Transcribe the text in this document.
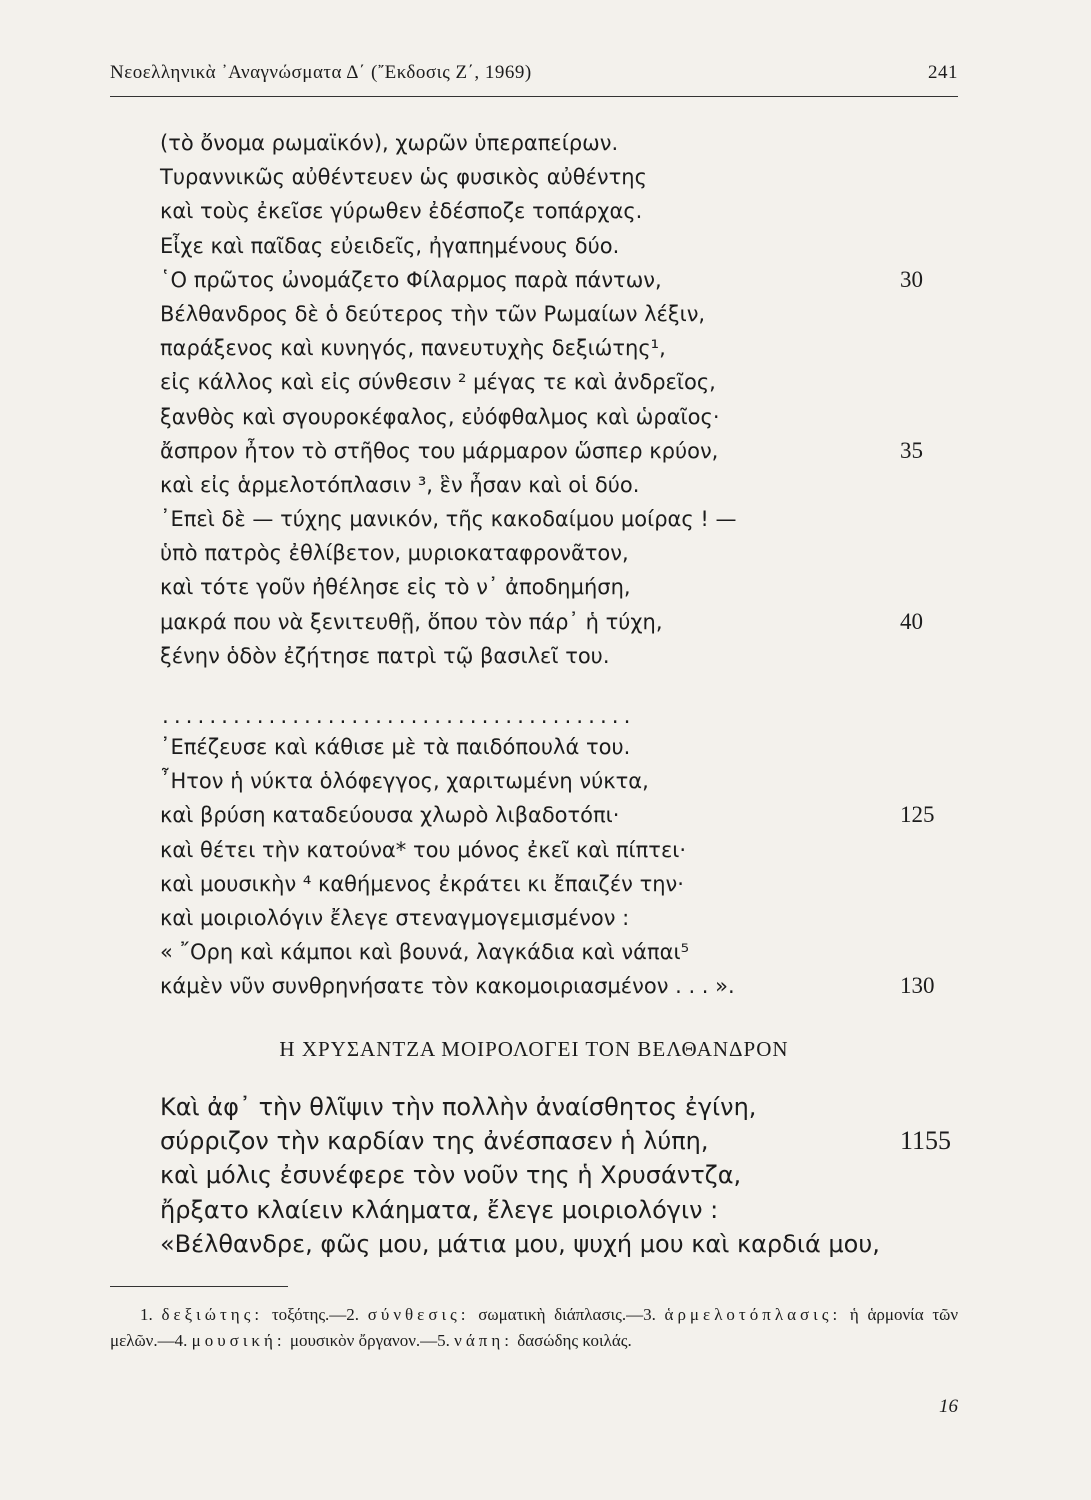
Νεοελληνικὰ ᾿Αναγνώσματα Δ΄ (῎Εκδοσις Ζ΄, 1969)	241
(τὸ ὄνομα ρωμαϊκόν), χωρῶν ὑπεραπείρων.
Τυραννικῶς αὐθέντευεν ὡς φυσικὸς αὐθέντης
καὶ τοὺς ἐκεῖσε γύρωθεν ἐδέσποζε τοπάρχας.
Εἶχε καὶ παῖδας εὐειδεῖς, ἠγαπημένους δύο.
῾Ο πρῶτος ὠνομάζετο Φίλαρμος παρὰ πάντων,	30
Βέλθανδρος δὲ ὁ δεύτερος τὴν τῶν Ρωμαίων λέξιν,
παράξενος καὶ κυνηγός, πανευτυχὴς δεξιώτης¹,
εἰς κάλλος καὶ εἰς σύνθεσιν ² μέγας τε καὶ ἀνδρεῖος,
ξανθὸς καὶ σγουροκέφαλος, εὐόφθαλμος καὶ ὡραῖος·
ἄσπρον ἦτον τὸ στῆθος του μάρμαρον ὥσπερ κρύον,	35
καὶ εἰς ἁρμελοτόπλασιν ³, ἓν ἦσαν καὶ οἱ δύο.
᾿Επεὶ δὲ — τύχης μανικόν, τῆς κακοδαίμου μοίρας ! —
ὑπὸ πατρὸς ἐθλίβετον, μυριοκαταφρονᾶτον,
καὶ τότε γοῦν ἠθέλησε εἰς τὸ ν᾿ ἀποδημήση,
μακρά που νὰ ξενιτευθῇ, ὅπου τὸν πάρ᾿ ἡ τύχη,	40
ξένην ὁδὸν ἐζήτησε πατρὶ τῷ βασιλεῖ του.
........................................
᾿Επέζευσε καὶ κάθισε μὲ τὰ παιδόπουλά του.
῏Ητον ἡ νύκτα ὁλόφεγγος, χαριτωμένη νύκτα,
καὶ βρύση καταδεύουσα χλωρὸ λιβαδοτόπι·	125
καὶ θέτει τὴν κατούνα* του μόνος ἐκεῖ καὶ πίπτει·
καὶ μουσικὴν ⁴ καθήμενος ἐκράτει κι ἔπαιζέν την·
καὶ μοιριολόγιν ἔλεγε στεναγμογεμισμένον :
« ῎Ορη καὶ κάμποι καὶ βουνά, λαγκάδια καὶ νάπαι⁵
κάμὲν νῦν συνθρηνήσατε τὸν κακομοιριασμένον . . . ».	130
Η ΧΡΥΣΑΝΤΖΑ ΜΟΙΡΟΛΟΓΕΙ ΤΟΝ ΒΕΛΘΑΝΔΡΟΝ
Καὶ ἀφ᾿ τὴν θλῖψιν τὴν πολλὴν ἀναίσθητος ἐγίνη,
σύρριζον τὴν καρδίαν της ἀνέσπασεν ἡ λύπη,	1155
καὶ μόλις ἐσυνέφερε τὸν νοῦν της ἡ Χρυσάντζα,
ἤρξατο κλαίειν κλάηματα, ἔλεγε μοιριολόγιν :
«Βέλθανδρε, φῶς μου, μάτια μου, ψυχή μου καὶ καρδιά μου,
1. δεξιώτης: τοξότης.—2. σύνθεσις: σωματικὴ διάπλασις.—3. ἁρμελοτόπλασις: ἡ ἁρμονία τῶν μελῶν.—4. μουσική: μουσικὸν ὄργανον.—5. νάπη: δασώδης κοιλάς.
16
